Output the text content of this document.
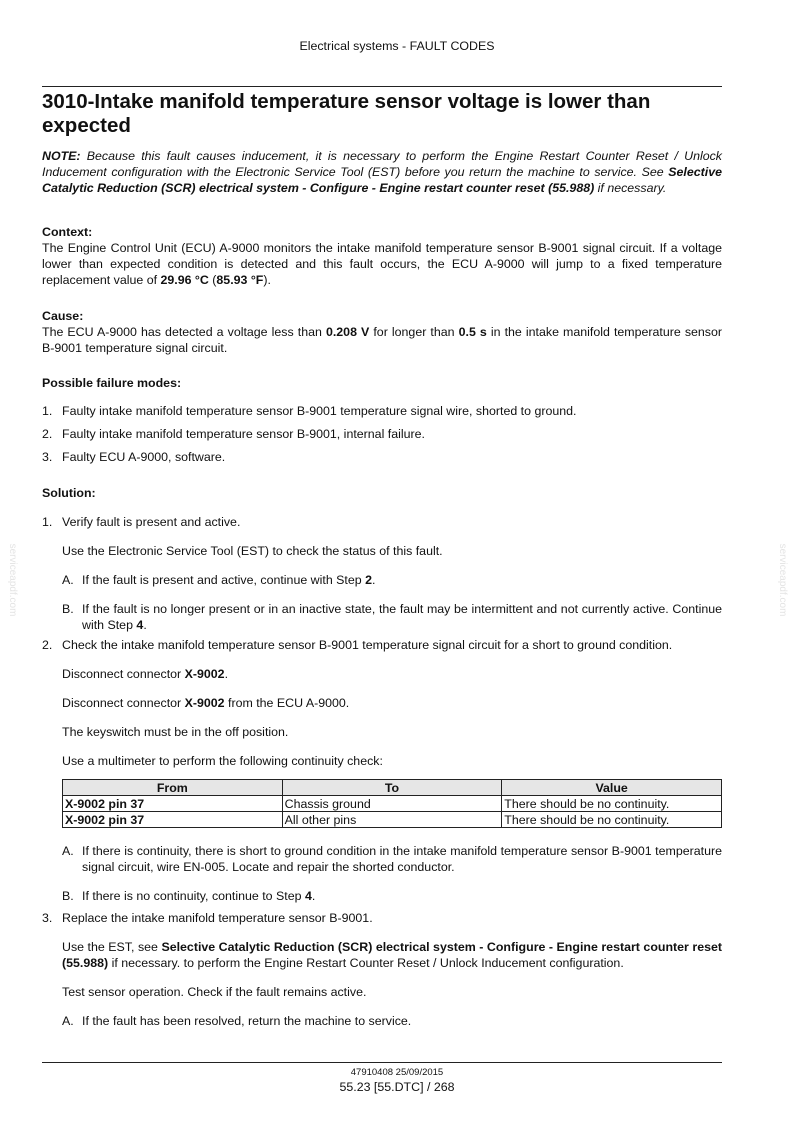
Electrical systems - FAULT CODES
3010-Intake manifold temperature sensor voltage is lower than expected
serviceapdf.com	serviceapdf.com

NOTE: Because this fault causes inducement, it is necessary to perform the Engine Restart Counter Reset / Unlock Inducement configuration with the Electronic Service Tool (EST) before you return the machine to service. See Selective Catalytic Reduction (SCR) electrical system - Configure - Engine restart counter reset (55.988) if necessary.

Context:

The Engine Control Unit (ECU) A-9000 monitors the intake manifold temperature sensor B-9001 signal circuit. If a voltage lower than expected condition is detected and this fault occurs, the ECU A-9000 will jump to a fixed temperature replacement value of 29.96 °C (85.93 °F).

Cause:

The ECU A-9000 has detected a voltage less than 0.208 V for longer than 0.5 s in the intake manifold temperature sensor B-9001 temperature signal circuit.

Possible failure modes:
1. Faulty intake manifold temperature sensor B-9001 temperature signal wire, shorted to ground.
2. Faulty intake manifold temperature sensor B-9001, internal failure.
3. Faulty ECU A-9000, software.
Solution:
1. Verify fault is present and active.

Use the Electronic Service Tool (EST) to check the status of this fault.

A. If the fault is present and active, continue with Step 2.
B. If the fault is no longer present or in an inactive state, the fault may be intermittent and not currently active. Continue with Step 4.
2. Check the intake manifold temperature sensor B-9001 temperature signal circuit for a short to ground condition.

Disconnect connector X-9002.

Disconnect connector X-9002 from the ECU A-9000.

The keyswitch must be in the off position.

Use a multimeter to perform the following continuity check:

From	To	Value
X-9002 pin 37	Chassis ground	There should be no continuity.
X-9002 pin 37	All other pins	There should be no continuity.
A. If there is continuity, there is short to ground condition in the intake manifold temperature sensor B-9001 temperature signal circuit, wire EN-005. Locate and repair the shorted conductor.
B. If there is no continuity, continue to Step 4.
3. Replace the intake manifold temperature sensor B-9001.

Use the EST, see Selective Catalytic Reduction (SCR) electrical system - Configure - Engine restart counter reset (55.988) if necessary. to perform the Engine Restart Counter Reset / Unlock Inducement configuration.

Test sensor operation. Check if the fault remains active.

A. If the fault has been resolved, return the machine to service.
47910408 25/09/2015
55.23 [55.DTC] / 268
